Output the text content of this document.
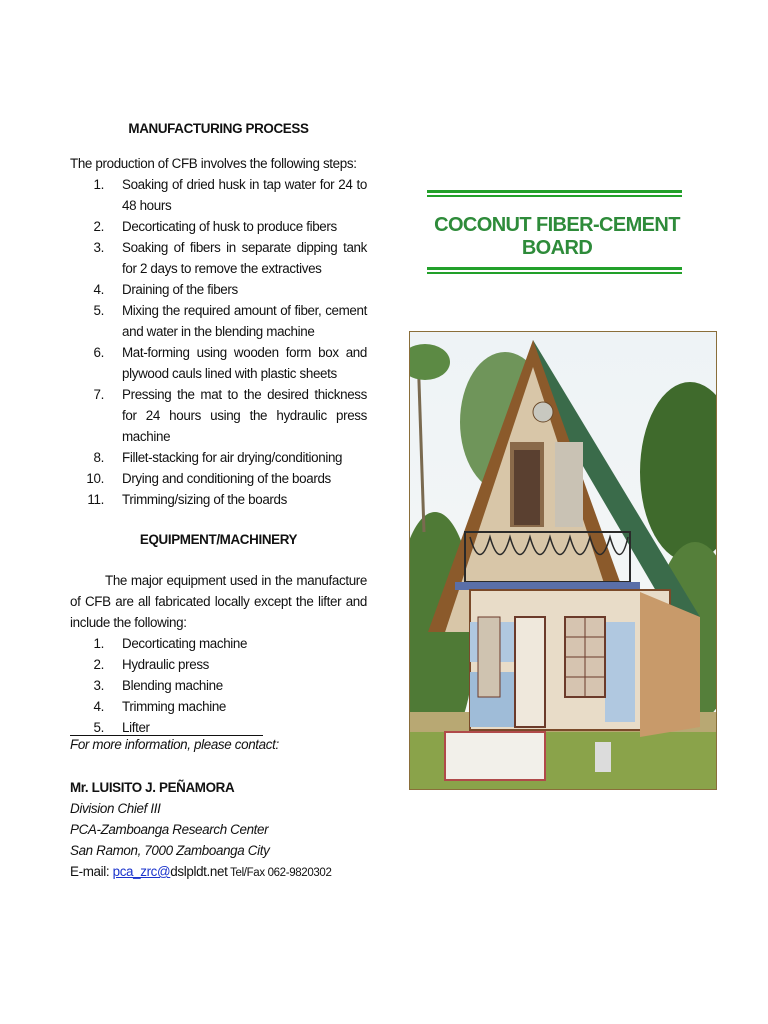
MANUFACTURING PROCESS

The production of CFB involves the following steps:

1.	Soaking of dried husk in tap water for 24 to 48 hours
2.	Decorticating of husk to produce fibers
3.	Soaking of fibers in separate dipping tank for 2 days to remove the extractives
4.	Draining of the fibers
5.	Mixing the required amount of fiber, cement and water in the blending machine
6.	Mat-forming using wooden form box and plywood cauls lined with plastic sheets
7.	Pressing the mat to the desired thickness for 24 hours using the hydraulic press machine
8.	Fillet-stacking for air drying/conditioning
10.	Drying and conditioning of the boards
11.	Trimming/sizing of the boards

EQUIPMENT/MACHINERY

The major equipment used in the manufacture of CFB are all fabricated locally except the lifter and include the following:

1.	Decorticating machine
2.	Hydraulic press
3.	Blending machine
4.	Trimming machine
5.	Lifter
For more information, please contact:
Mr. LUISITO J. PEÑAMORA
Division Chief III
PCA-Zamboanga Research Center
San Ramon, 7000 Zamboanga City
E-mail: pca_zrc@dslpldt.net Tel/Fax 062-9820302
COCONUT FIBER-CEMENT BOARD
